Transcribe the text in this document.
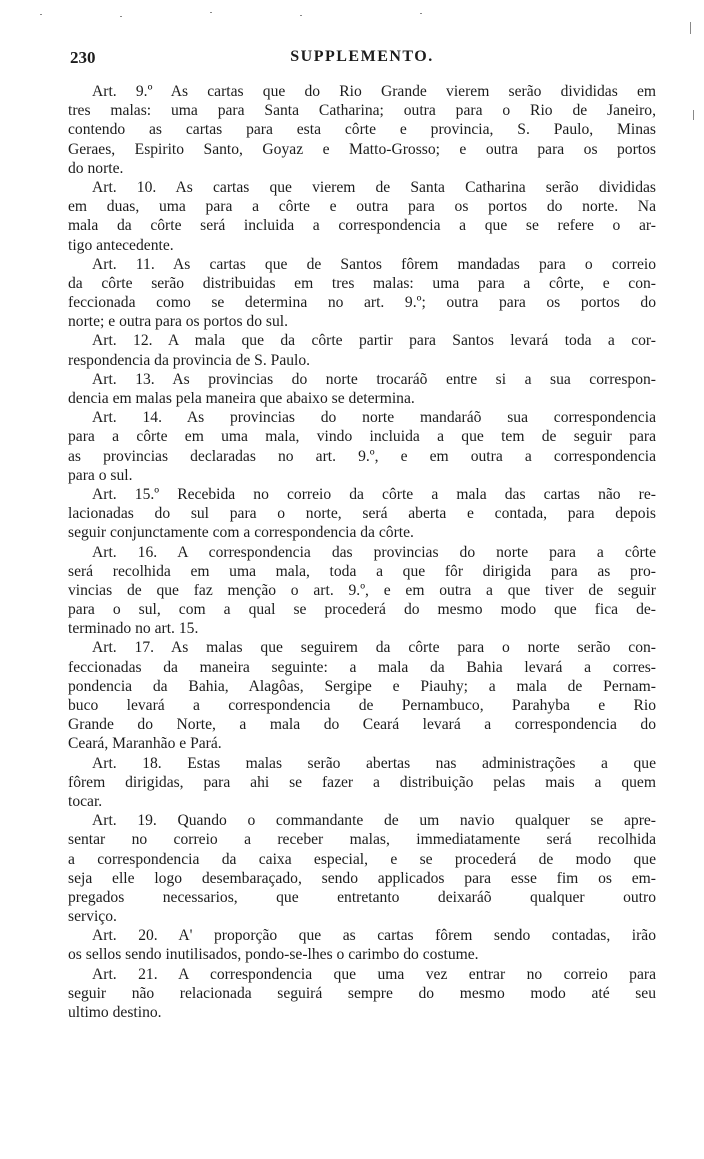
230	SUPPLEMENTO.
Art. 9.º As cartas que do Rio Grande vierem serão divididas em
tres malas: uma para Santa Catharina; outra para o Rio de Janeiro,
contendo as cartas para esta côrte e provincia, S. Paulo, Minas
Geraes, Espirito Santo, Goyaz e Matto-Grosso; e outra para os portos
do norte.
Art. 10. As cartas que vierem de Santa Catharina serão divididas
em duas, uma para a côrte e outra para os portos do norte. Na
mala da côrte será incluida a correspondencia a que se refere o ar-
tigo antecedente.
Art. 11. As cartas que de Santos fôrem mandadas para o correio
da côrte serão distribuidas em tres malas: uma para a côrte, e con-
feccionada como se determina no art. 9.º; outra para os portos do
norte; e outra para os portos do sul.
Art. 12. A mala que da côrte partir para Santos levará toda a cor-
respondencia da provincia de S. Paulo.
Art. 13. As provincias do norte trocaráõ entre si a sua correspon-
dencia em malas pela maneira que abaixo se determina.
Art. 14. As provincias do norte mandaráõ sua correspondencia
para a côrte em uma mala, vindo incluida a que tem de seguir para
as provincias declaradas no art. 9.º, e em outra a correspondencia
para o sul.
Art. 15.º Recebida no correio da côrte a mala das cartas não re-
lacionadas do sul para o norte, será aberta e contada, para depois
seguir conjunctamente com a correspondencia da côrte.
Art. 16. A correspondencia das provincias do norte para a côrte
será recolhida em uma mala, toda a que fôr dirigida para as pro-
vincias de que faz menção o art. 9.º, e em outra a que tiver de seguir
para o sul, com a qual se procederá do mesmo modo que fica de-
terminado no art. 15.
Art. 17. As malas que seguirem da côrte para o norte serão con-
feccionadas da maneira seguinte: a mala da Bahia levará a corres-
pondencia da Bahia, Alagôas, Sergipe e Piauhy; a mala de Pernam-
buco levará a correspondencia de Pernambuco, Parahyba e Rio
Grande do Norte, a mala do Ceará levará a correspondencia do
Ceará, Maranhão e Pará.
Art. 18. Estas malas serão abertas nas administrações a que
fôrem dirigidas, para ahi se fazer a distribuição pelas mais a quem
tocar.
Art. 19. Quando o commandante de um navio qualquer se apre-
sentar no correio a receber malas, immediatamente será recolhida
a correspondencia da caixa especial, e se procederá de modo que
seja elle logo desembaraçado, sendo applicados para esse fim os em-
pregados necessarios, que entretanto deixaráõ qualquer outro
serviço.
Art. 20. A' proporção que as cartas fôrem sendo contadas, irão
os sellos sendo inutilisados, pondo-se-lhes o carimbo do costume.
Art. 21. A correspondencia que uma vez entrar no correio para
seguir não relacionada seguirá sempre do mesmo modo até seu
ultimo destino.
